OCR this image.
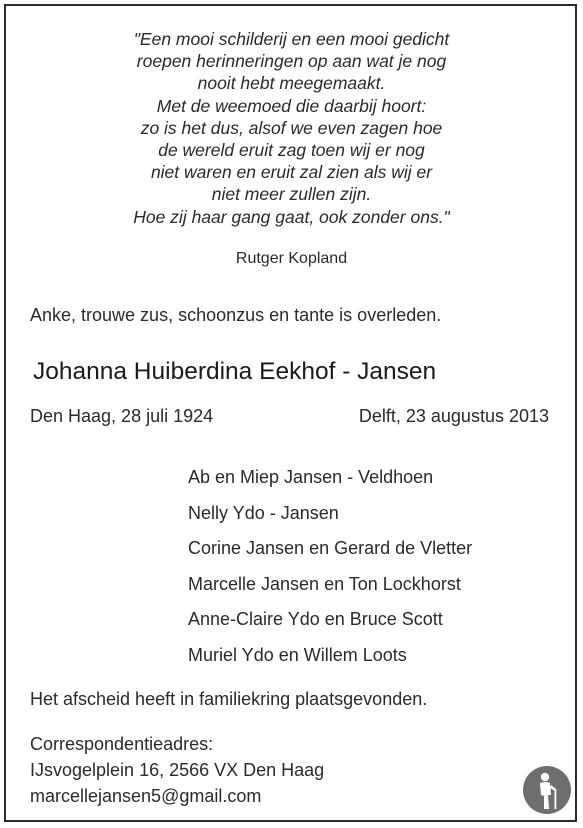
"Een mooi schilderij en een mooi gedicht
roepen herinneringen op aan wat je nog
nooit hebt meegemaakt.
Met de weemoed die daarbij hoort:
zo is het dus, alsof we even zagen hoe
de wereld eruit zag toen wij er nog
niet waren en eruit zal zien als wij er
niet meer zullen zijn.
Hoe zij haar gang gaat, ook zonder ons."
Rutger Kopland
Anke, trouwe zus, schoonzus en tante is overleden.
Johanna Huiberdina Eekhof - Jansen
Den Haag, 28 juli 1924	Delft, 23 augustus 2013
Ab en Miep Jansen - Veldhoen
Nelly Ydo - Jansen
Corine Jansen en Gerard de Vletter
Marcelle Jansen en Ton Lockhorst
Anne-Claire Ydo en Bruce Scott
Muriel Ydo en Willem Loots
Het afscheid heeft in familiekring plaatsgevonden.
Correspondentieadres:
IJsvogelplein 16, 2566 VX Den Haag
marcellejansen5@gmail.com
